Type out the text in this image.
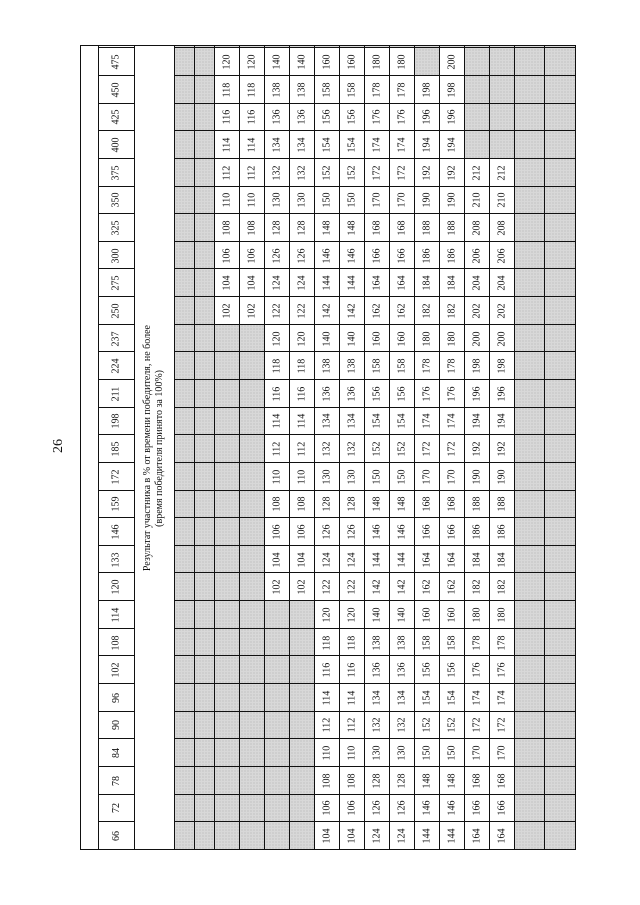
26

		Результат участника в % от времени победителя, не более (время победителя принято за 100%)																

	475				120	120	140	140	160	160	180	180		200				
	450				118	118	138	138	158	158	178	178	198	198				
	425				116	116	136	136	156	156	176	176	196	196				
	400				114	114	134	134	154	154	174	174	194	194				
	375				112	112	132	132	152	152	172	172	192	192	212	212		
	350				110	110	130	130	150	150	170	170	190	190	210	210		
	325				108	108	128	128	148	148	168	168	188	188	208	208		
	300				106	106	126	126	146	146	166	166	186	186	206	206		
	275				104	104	124	124	144	144	164	164	184	184	204	204		
	250				102	102	122	122	142	142	162	162	182	182	202	202		
	237						120	120	140	140	160	160	180	180	200	200		
	224						118	118	138	138	158	158	178	178	198	198		
	211						116	116	136	136	156	156	176	176	196	196		
	198						114	114	134	134	154	154	174	174	194	194		
	185						112	112	132	132	152	152	172	172	192	192		
	172						110	110	130	130	150	150	170	170	190	190		
	159						108	108	128	128	148	148	168	168	188	188		
	146						106	106	126	126	146	146	166	166	186	186		
	133						104	104	124	124	144	144	164	164	184	184		
	120						102	102	122	122	142	142	162	162	182	182		
	114								120	120	140	140	160	160	180	180		
	108								118	118	138	138	158	158	178	178		
	102								116	116	136	136	156	156	176	176		
	96								114	114	134	134	154	154	174	174		
	90								112	112	132	132	152	152	172	172		
	84								110	110	130	130	150	150	170	170		
	78								108	108	128	128	148	148	168	168		
	72								106	106	126	126	146	146	166	166		
	66								104	104	124	124	144	144	164	164		
